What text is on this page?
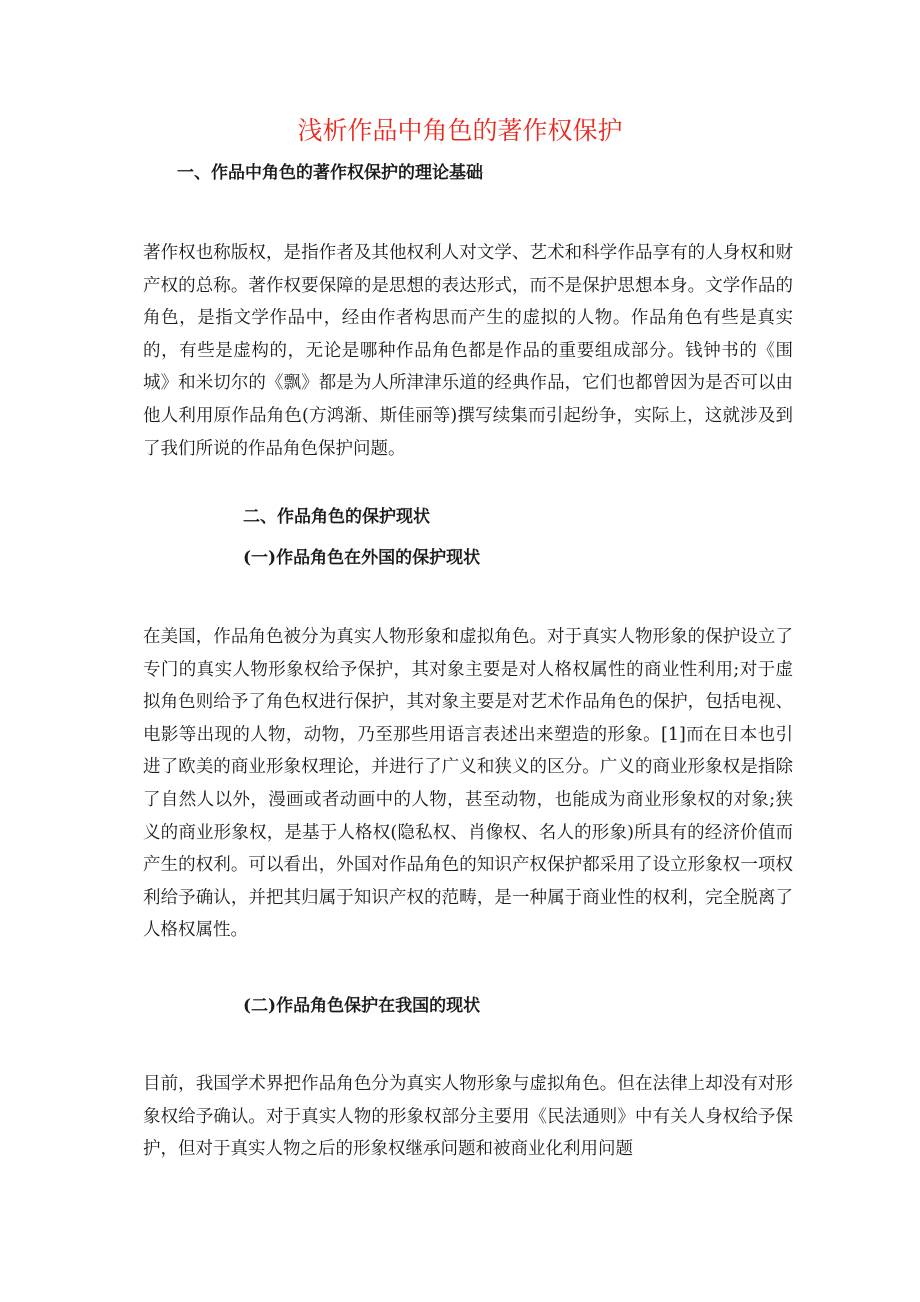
浅析作品中角色的著作权保护
一、作品中角色的著作权保护的理论基础

著作权也称版权，是指作者及其他权利人对文学、艺术和科学作品享有的人身权和财产权的总称。著作权要保障的是思想的表达形式，而不是保护思想本身。文学作品的角色，是指文学作品中，经由作者构思而产生的虚拟的人物。作品角色有些是真实的，有些是虚构的，无论是哪种作品角色都是作品的重要组成部分。钱钟书的《围城》和米切尔的《飘》都是为人所津津乐道的经典作品，它们也都曾因为是否可以由他人利用原作品角色(方鸿渐、斯佳丽等)撰写续集而引起纷争，实际上，这就涉及到了我们所说的作品角色保护问题。

二、作品角色的保护现状
(一)作品角色在外国的保护现状

在美国，作品角色被分为真实人物形象和虚拟角色。对于真实人物形象的保护设立了专门的真实人物形象权给予保护，其对象主要是对人格权属性的商业性利用;对于虚拟角色则给予了角色权进行保护，其对象主要是对艺术作品角色的保护，包括电视、电影等出现的人物，动物，乃至那些用语言表述出来塑造的形象。[1]而在日本也引进了欧美的商业形象权理论，并进行了广义和狭义的区分。广义的商业形象权是指除了自然人以外，漫画或者动画中的人物，甚至动物，也能成为商业形象权的对象;狭义的商业形象权，是基于人格权(隐私权、肖像权、名人的形象)所具有的经济价值而产生的权利。可以看出，外国对作品角色的知识产权保护都采用了设立形象权一项权利给予确认，并把其归属于知识产权的范畴，是一种属于商业性的权利，完全脱离了人格权属性。

(二)作品角色保护在我国的现状

目前，我国学术界把作品角色分为真实人物形象与虚拟角色。但在法律上却没有对形象权给予确认。对于真实人物的形象权部分主要用《民法通则》中有关人身权给予保护，但对于真实人物之后的形象权继承问题和被商业化利用问题
